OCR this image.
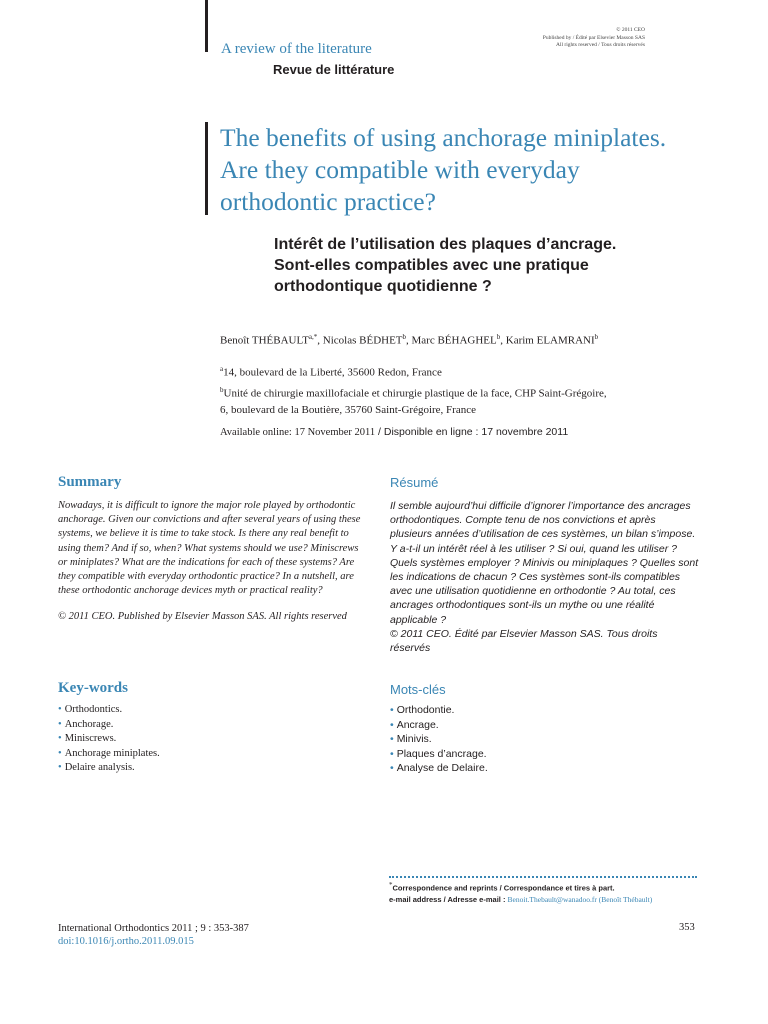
© 2011 CEO
Published by / Édité par Elsevier Masson SAS
All rights reserved / Tous droits réservés
A review of the literature
Revue de littérature
The benefits of using anchorage miniplates.
Are they compatible with everyday
orthodontic practice?
Intérêt de l’utilisation des plaques d’ancrage.
Sont-elles compatibles avec une pratique
orthodontique quotidienne ?
Benoît $THÉBAULT^{a,*}$, Nicolas BÉDHET$^b$, Marc BÉHAGHEL$^b$, Karim ELAMRANI$^b$
$^a$14, boulevard de la Liberté, 35600 Redon, France
$^b$Unité de chirurgie maxillofaciale et chirurgie plastique de la face, CHP Saint-Grégoire,
6, boulevard de la Boutière, 35760 Saint-Grégoire, France
Available online: 17 November 2011 / Disponible en ligne : 17 novembre 2011
Summary
Nowadays, it is difficult to ignore the major role played by orthodontic anchorage. Given our convictions and after several years of using these systems, we believe it is time to take stock. Is there any real benefit to using them? And if so, when? What systems should we use? Miniscrews or miniplates? What are the indications for each of these systems? Are they compatible with everyday orthodontic practice? In a nutshell, are these orthodontic anchorage devices myth or practical reality?
© 2011 CEO. Published by Elsevier Masson SAS. All rights reserved
Résumé
Il semble aujourd’hui difficile d’ignorer l’importance des ancrages orthodontiques. Compte tenu de nos convictions et après plusieurs années d’utilisation de ces systèmes, un bilan s’impose. Y a-t-il un intérêt réel à les utiliser ? Si oui, quand les utiliser ? Quels systèmes employer ? Minivis ou miniplaques ? Quelles sont les indications de chacun ? Ces systèmes sont-ils compatibles avec une utilisation quotidienne en orthodontie ? Au total, ces ancrages orthodontiques sont-ils un mythe ou une réalité applicable ?
© 2011 CEO. Édité par Elsevier Masson SAS. Tous droits réservés
Key-words
• Orthodontics.
• Anchorage.
• Miniscrews.
• Anchorage miniplates.
• Delaire analysis.
Mots-clés
• Orthodontie.
• Ancrage.
• Minivis.
• Plaques d’ancrage.
• Analyse de Delaire.
*Correspondence and reprints / Correspondance et tires à part.
e-mail address / Adresse e-mail : Benoit.Thebault@wanadoo.fr (Benoît Thébault)
International Orthodontics 2011 ; 9 : 353-387
doi:10.1016/j.ortho.2011.09.015
353
